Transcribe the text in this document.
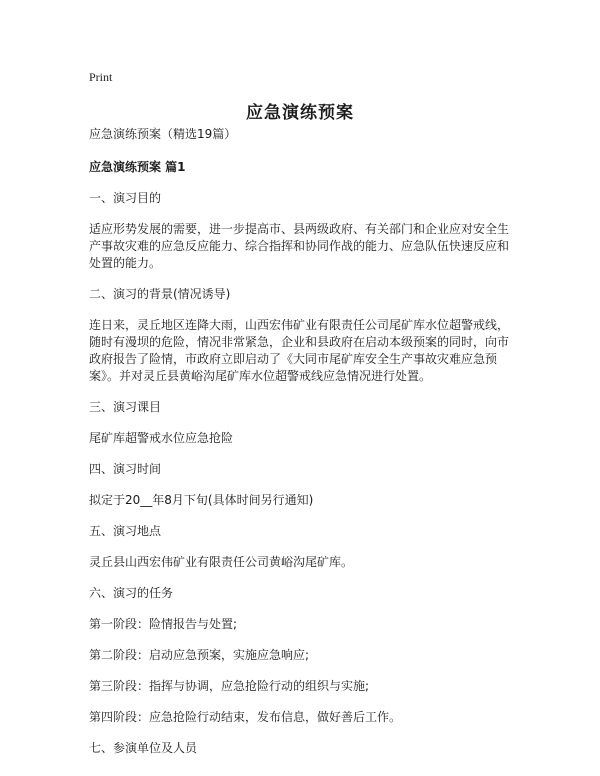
Print
应急演练预案

应急演练预案（精选19篇）

应急演练预案 篇1

一、演习目的

适应形势发展的需要，进一步提高市、县两级政府、有关部门和企业应对安全生产事故灾难的应急反应能力、综合指挥和协同作战的能力、应急队伍快速反应和处置的能力。

二、演习的背景(情况诱导)

连日来，灵丘地区连降大雨，山西宏伟矿业有限责任公司尾矿库水位超警戒线，随时有漫坝的危险，情况非常紧急，企业和县政府在启动本级预案的同时，向市政府报告了险情，市政府立即启动了《大同市尾矿库安全生产事故灾难应急预案》。并对灵丘县黄峪沟尾矿库水位超警戒线应急情况进行处置。

三、演习课目

尾矿库超警戒水位应急抢险

四、演习时间

拟定于20__年8月下旬(具体时间另行通知)

五、演习地点

灵丘县山西宏伟矿业有限责任公司黄峪沟尾矿库。

六、演习的任务

第一阶段：险情报告与处置;

第二阶段：启动应急预案，实施应急响应;

第三阶段：指挥与协调，应急抢险行动的组织与实施;

第四阶段：应急抢险行动结束，发布信息，做好善后工作。

七、参演单位及人员
